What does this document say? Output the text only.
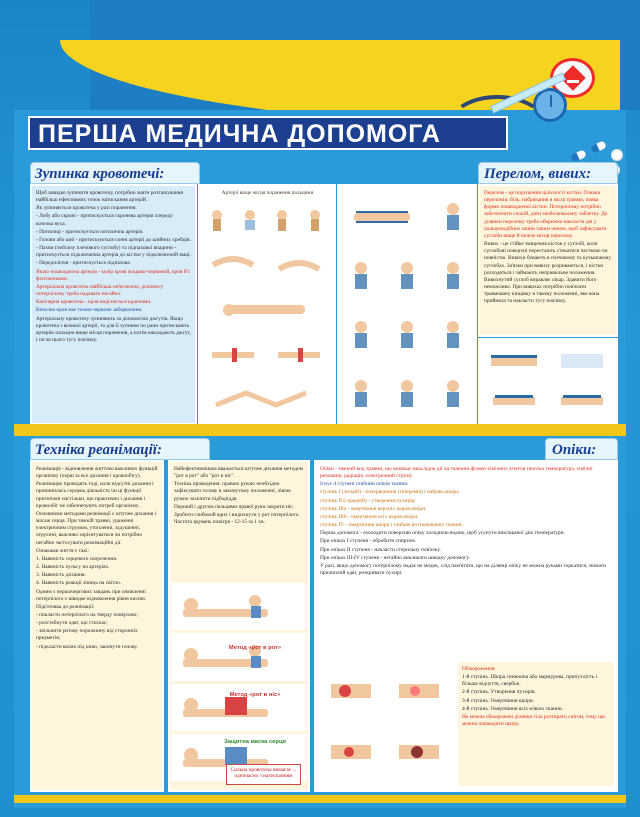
ПЕРША МЕДИЧНА ДОПОМОГА
Зупинка кровотечі:	Перелом, вивих:

Щоб швидко зупинити кровотечу, потрібно знати розташування найбільш ефективних точок натискання артерій.

Як зупиняється кровотеча у разі поранення:

- Лобу або скроні - притискується скронева артерія спереду козелка вуха.

- Потилиці - притискується потилична артерія.

- Голови або шиї - притискуються сонні артерії до шийних хребців.

- Пахви (поблизу плечового суглобу) та підпахової впадини - притискується підключична артерія до кістки у підключичній ямці.

- Передпліччя - притискується підпахова

Якщо пошкоджена артерія - колір крові яскраво-червоний, кров б'є фонтанчиком.

Артеріальна кровотеча найбільш небезпечна, допомогу потерпілому треба надавати негайно.

Капілярна кровотеча - кров виділяється краплями.

Венозна кров має темно-червоне забарвлення.

Артеріальну кровотечу зупиняють за допомогою джгутів. Якщо кровотеча з великої артерії, то для її зупинки по рани притискають артерію пальцем вище місця поранення, а потім накладають джгут, і після цього тугу пов'язку.

Артерії вище місця поранення пальцями	Перелом - це порушення цілісності кістки. Ознаки переломів: біль, набрякання в місці травми, поява форми пошкодженої кістки. Потерпілому потрібно забезпечити спокій, дати знеболювальну таблетку. До ділянки перелому треба обережно накласти дві у пальцеподібних шини таким чином, щоб зафіксувати суглоби вище й нижче місця перелому.

Вивих - це стійке зміщення кісток у суглобі, коли суглобові поверхні перестають стикатися частково чи повністю. Вивихи бувають в плечовому та кульшовому суглобах. За'язки при вивиху розриваються, і кістки розходяться і займають неправильне положення. Вивихнутий суглоб вправляє лікар. Здавити його неможливо. При вивихах потрібно пов'язати травмовану кінцівку в такому положенні, яке вона прийняла та накласти тугу пов'язку.

Техніка реанімації:	Опіки:

Реанімація - відновлення життєво важливих функцій організму (перш за все дихання і кровообігу).

Реанімацію проводять тоді, коли відсутні дихання і припинилась серцева діяльність чи ці функції пригнічені настільки, що практично і дихання і кровообіг не забезпечують потреб організму.

Основними методами реанімації є штучне дихання і масаж серця. При тяжкій травмі, ураженні електричним струмом, утопленні, задушенні, отруєнні, важливо зорієнтуватися чи потрібно негайно застосувати реанімаційні дії.

Ознаками життя є такі:

1. Наявність серцевого скорочення.

2. Наявність пульсу на артеріях.

3. Наявність дихання.

4. Наявність реакції зіниць на світло.

Одним з першочергових завдань при оживленні потерпілого є швидке відновлення рівня кисню.

Підготовка до реанімації:

- покласти потерпілого на тверду поверхню;

- розстебнути одяг, що стискає;

- звільнити ротову порожнину від сторонніх предметів;

- підкласти валик під шию, закинути голову.

Найефективнішим вважається штучне дихання методом "рот в рот" або "рот в ніс".

Техніка проведення: правою рукою необхідно зафіксувати голову в закинутому положенні, лівою рукою захопити підборіддя.

Перший і другим пальцями правої руки закрити ніс.

Зробити глибокий вдих і видихнути у рот потерпілого. Частота вдувань повітря - 12-15 за 1 хв.

Метод «рот в рот»
Метод «рот в ніс»
Защитна маска серця
Сильна кровотеча вимагає ... одночасно з натисканням

Опіки - тяжкий вид травми, що виникає внаслідок дії на тканини фізико-хімічних агентів (висока температура, хімічні речовини, радіація, електричний струм).

Існує 4 ступені глибини опіків тканин:

ступінь І (легкий) - почервоніння (гіперемія) і набряк шкіри;

ступінь ІІ (середній) - утворення пухирів;

ступінь ІІІа - омертвіння верхніх шарів шкіри;

ступінь ІІІб - омертвіння всіх шарів шкіри;

ступінь ІV - омертвіння шкіри і глибше розташованих тканин.

Перша допомога - охолодити поверхню опіку холодною водою, щоб усунути викликаної дію температури.

При опіках І ступеня - обробити спиртом.

При опіках ІІ ступеня - накласти стерильну пов'язку.

При опіках ІІІ-ІV ступеня - негайно викликати швидку допомогу.

У разі, якщо допомогу потерпілому надає не медик, слід пам'ятати, що на ділянці опіку не можна руками торкатися, знімати прилиплий одяг, розкривати пухирі.

Обмороження:

1-й ступінь. Шкіра синюшна або мармурова, припухлість і більше відчуття, свербіж.

2-й ступінь. Утворення пухирів.

3-й ступінь. Омертвіння шкіри.

4-й ступінь. Омертвіння всіх м'яких тканин.

Не можна обморожені ділянки тіла розтирати снігом, тому що можна пошкодити шкіру.
